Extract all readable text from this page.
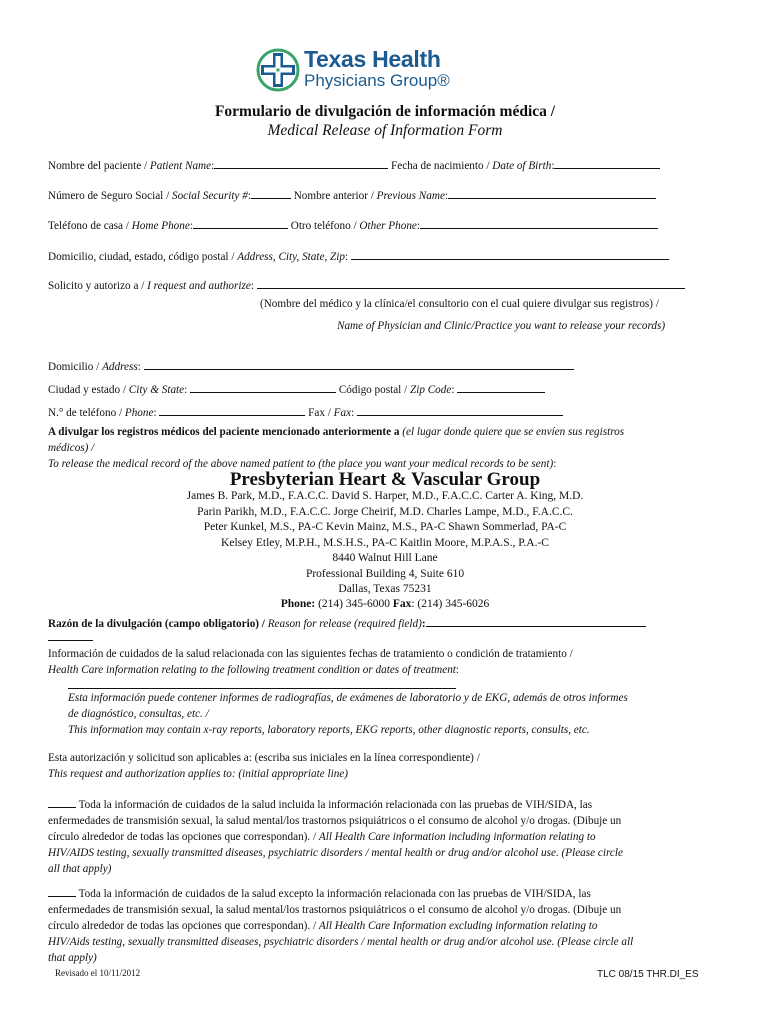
Texas Health
Physicians Group®
Formulario de divulgación de información médica /
Medical Release of Information Form
Nombre del paciente / Patient Name:	Fecha de nacimiento / Date of Birth:
Número de Seguro Social / Social Security #:	Nombre anterior / Previous Name:
Teléfono de casa / Home Phone:	Otro teléfono / Other Phone:
Domicilio, ciudad, estado, código postal / Address, City, State, Zip:
Solicito y autorizo a / I request and authorize:
(Nombre del médico y la clínica/el consultorio con el cual quiere divulgar sus registros) /
Name of Physician and Clinic/Practice you want to release your records)
Domicilio / Address:
Ciudad y estado / City & State:	Código postal / Zip Code:
N.° de teléfono / Phone:	Fax / Fax:
A divulgar los registros médicos del paciente mencionado anteriormente a (el lugar donde quiere que se envíen sus registros
médicos) /
To release the medical record of the above named patient to (the place you want your medical records to be sent):
Presbyterian Heart & Vascular Group
James B. Park, M.D., F.A.C.C. David S. Harper, M.D., F.A.C.C. Carter A. King, M.D.
Parin Parikh, M.D., F.A.C.C. Jorge Cheirif, M.D. Charles Lampe, M.D., F.A.C.C.
Peter Kunkel, M.S., PA-C Kevin Mainz, M.S., PA-C Shawn Sommerlad, PA-C
Kelsey Etley, M.P.H., M.S.H.S., PA-C Kaitlin Moore, M.P.A.S., P.A.-C
8440 Walnut Hill Lane
Professional Building 4, Suite 610
Dallas, Texas 75231
Phone: (214) 345-6000 Fax: (214) 345-6026
Razón de la divulgación (campo obligatorio) / Reason for release (required field):
Información de cuidados de la salud relacionada con las siguientes fechas de tratamiento o condición de tratamiento /
Health Care information relating to the following treatment condition or dates of treatment:
Esta información puede contener informes de radiografías, de exámenes de laboratorio y de EKG, además de otros informes
de diagnóstico, consultas, etc. /
This information may contain x-ray reports, laboratory reports, EKG reports, other diagnostic reports, consults, etc.
Esta autorización y solicitud son aplicables a: (escriba sus iniciales en la línea correspondiente) /
This request and authorization applies to: (initial appropriate line)
Toda la información de cuidados de la salud incluida la información relacionada con las pruebas de VIH/SIDA, las
enfermedades de transmisión sexual, la salud mental/los trastornos psiquiátricos o el consumo de alcohol y/o drogas. (Dibuje un
círculo alrededor de todas las opciones que correspondan). / All Health Care information including information relating to
HIV/AIDS testing, sexually transmitted diseases, psychiatric disorders / mental health or drug and/or alcohol use. (Please circle
all that apply)
Toda la información de cuidados de la salud excepto la información relacionada con las pruebas de VIH/SIDA, las
enfermedades de transmisión sexual, la salud mental/los trastornos psiquiátricos o el consumo de alcohol y/o drogas. (Dibuje un
círculo alrededor de todas las opciones que correspondan). / All Health Care Information excluding information relating to
HIV/Aids testing, sexually transmitted diseases, psychiatric disorders / mental health or drug and/or alcohol use. (Please circle all
that apply)
Revisado el 10/11/2012	TLC 08/15 THR.DI_ES
